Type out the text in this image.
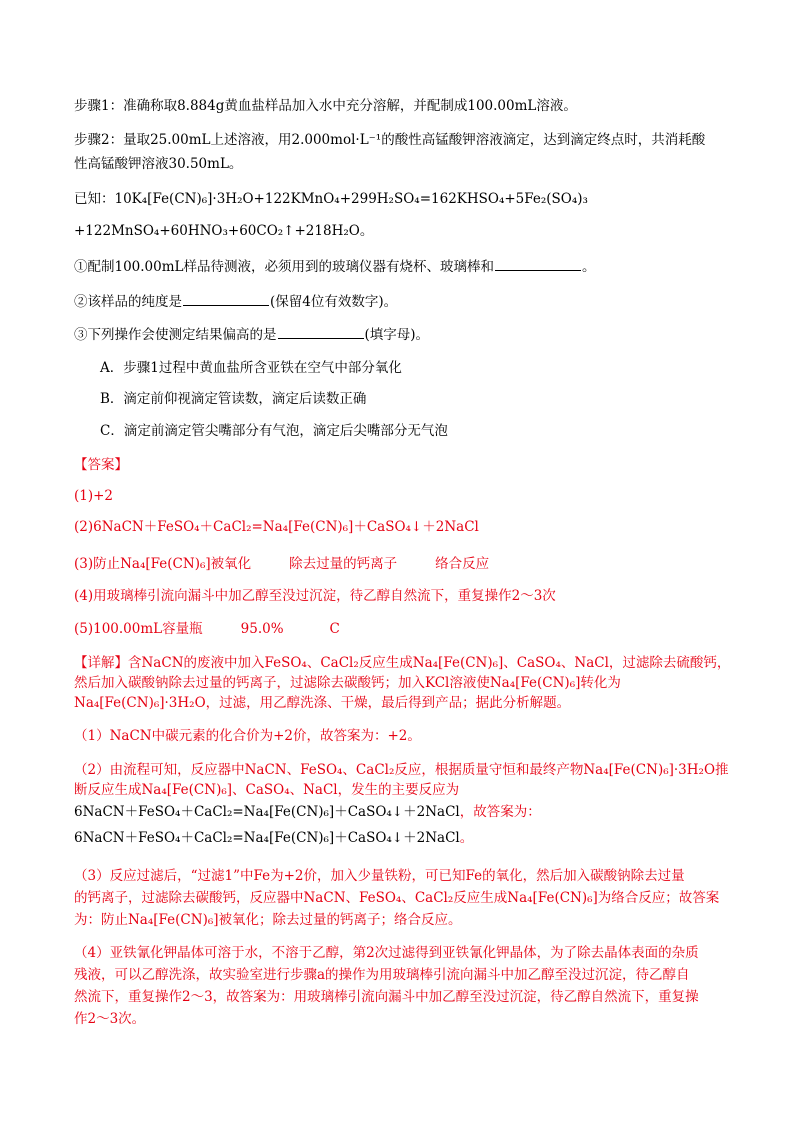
步骤1：准确称取8.884g黄血盐样品加入水中充分溶解，并配制成100.00mL溶液。
步骤2：量取25.00mL上述溶液，用2.000mol·L⁻¹的酸性高锰酸钾溶液滴定，达到滴定终点时，共消耗酸
性高锰酸钾溶液30.50mL。
已知：10K₄[Fe(CN)₆]·3H₂O+122KMnO₄+299H₂SO₄=162KHSO₄+5Fe₂(SO₄)₃
+122MnSO₄+60HNO₃+60CO₂↑+218H₂O。
①配制100.00mL样品待测液，必须用到的玻璃仪器有烧杯、玻璃棒和	。
②该样品的纯度是	(保留4位有效数字)。
③下列操作会使测定结果偏高的是	(填字母)。
A．步骤1过程中黄血盐所含亚铁在空气中部分氧化
B．滴定前仰视滴定管读数，滴定后读数正确
C．滴定前滴定管尖嘴部分有气泡，滴定后尖嘴部分无气泡
【答案】
(1)+2
(2)6NaCN＋FeSO₄＋CaCl₂=Na₄[Fe(CN)₆]＋CaSO₄↓＋2NaCl
(3)防止Na₄[Fe(CN)₆]被氧化	除去过量的钙离子	络合反应
(4)用玻璃棒引流向漏斗中加乙醇至没过沉淀，待乙醇自然流下，重复操作2～3次
(5)100.00mL容量瓶	95.0%	C
【详解】含NaCN的废液中加入FeSO₄、CaCl₂反应生成Na₄[Fe(CN)₆]、CaSO₄、NaCl，过滤除去硫酸钙，
然后加入碳酸钠除去过量的钙离子，过滤除去碳酸钙；加入KCl溶液使Na₄[Fe(CN)₆]转化为
Na₄[Fe(CN)₆]·3H₂O，过滤，用乙醇洗涤、干燥，最后得到产品；据此分析解题。
（1）NaCN中碳元素的化合价为+2价，故答案为：+2。
（2）由流程可知，反应器中NaCN、FeSO₄、CaCl₂反应，根据质量守恒和最终产物Na₄[Fe(CN)₆]·3H₂O推
断反应生成Na₄[Fe(CN)₆]、CaSO₄、NaCl，发生的主要反应为
6NaCN＋FeSO₄＋CaCl₂=Na₄[Fe(CN)₆]＋CaSO₄↓＋2NaCl，故答案为：
6NaCN＋FeSO₄＋CaCl₂=Na₄[Fe(CN)₆]＋CaSO₄↓＋2NaCl。
（3）反应过滤后，“过滤1”中Fe为+2价，加入少量铁粉，可已知Fe的氧化，然后加入碳酸钠除去过量
的钙离子，过滤除去碳酸钙，反应器中NaCN、FeSO₄、CaCl₂反应生成Na₄[Fe(CN)₆]为络合反应；故答案
为：防止Na₄[Fe(CN)₆]被氧化；除去过量的钙离子；络合反应。
（4）亚铁氰化钾晶体可溶于水，不溶于乙醇，第2次过滤得到亚铁氰化钾晶体，为了除去晶体表面的杂质
残液，可以乙醇洗涤，故实验室进行步骤a的操作为用玻璃棒引流向漏斗中加乙醇至没过沉淀，待乙醇自
然流下，重复操作2～3，故答案为：用玻璃棒引流向漏斗中加乙醇至没过沉淀，待乙醇自然流下，重复操
作2～3次。
